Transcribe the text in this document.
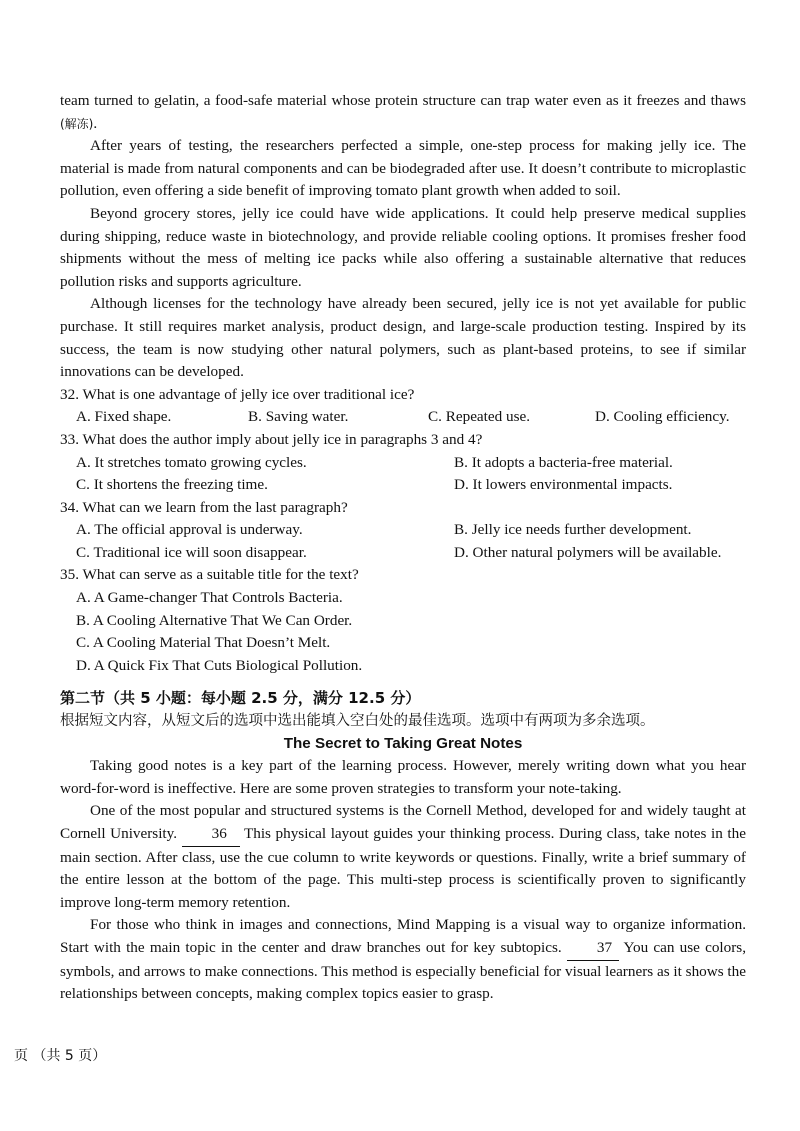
team turned to gelatin, a food-safe material whose protein structure can trap water even as it freezes and thaws (解冻).

After years of testing, the researchers perfected a simple, one-step process for making jelly ice. The material is made from natural components and can be biodegraded after use. It doesn’t contribute to microplastic pollution, even offering a side benefit of improving tomato plant growth when added to soil.

Beyond grocery stores, jelly ice could have wide applications. It could help preserve medical supplies during shipping, reduce waste in biotechnology, and provide reliable cooling options. It promises fresher food shipments without the mess of melting ice packs while also offering a sustainable alternative that reduces pollution risks and supports agriculture.

Although licenses for the technology have already been secured, jelly ice is not yet available for public purchase. It still requires market analysis, product design, and large-scale production testing. Inspired by its success, the team is now studying other natural polymers, such as plant-based proteins, to see if similar innovations can be developed.

32. What is one advantage of jelly ice over traditional ice?
A. Fixed shape.	B. Saving water.	C. Repeated use.	D. Cooling efficiency.
33. What does the author imply about jelly ice in paragraphs 3 and 4?
A. It stretches tomato growing cycles.	B. It adopts a bacteria-free material.
C. It shortens the freezing time.	D. It lowers environmental impacts.
34. What can we learn from the last paragraph?
A. The official approval is underway.	B. Jelly ice needs further development.
C. Traditional ice will soon disappear.	D. Other natural polymers will be available.
35. What can serve as a suitable title for the text?
A. A Game-changer That Controls Bacteria.
B. A Cooling Alternative That We Can Order.
C. A Cooling Material That Doesn’t Melt.
D. A Quick Fix That Cuts Biological Pollution.
第二节（共 5 小题：每小题 2.5 分，满分 12.5 分）
根据短文内容，从短文后的选项中选出能填入空白处的最佳选项。选项中有两项为多余选项。
The Secret to Taking Great Notes

Taking good notes is a key part of the learning process. However, merely writing down what you hear word-for-word is ineffective. Here are some proven strategies to transform your note-taking.

One of the most popular and structured systems is the Cornell Method, developed for and widely taught at Cornell University. 36 This physical layout guides your thinking process. During class, take notes in the main section. After class, use the cue column to write keywords or questions. Finally, write a brief summary of the entire lesson at the bottom of the page. This multi-step process is scientifically proven to significantly improve long-term memory retention.

For those who think in images and connections, Mind Mapping is a visual way to organize information. Start with the main topic in the center and draw branches out for key subtopics. 37 You can use colors, symbols, and arrows to make connections. This method is especially beneficial for visual learners as it shows the relationships between concepts, making complex topics easier to grasp.

页 （共 5 页）
